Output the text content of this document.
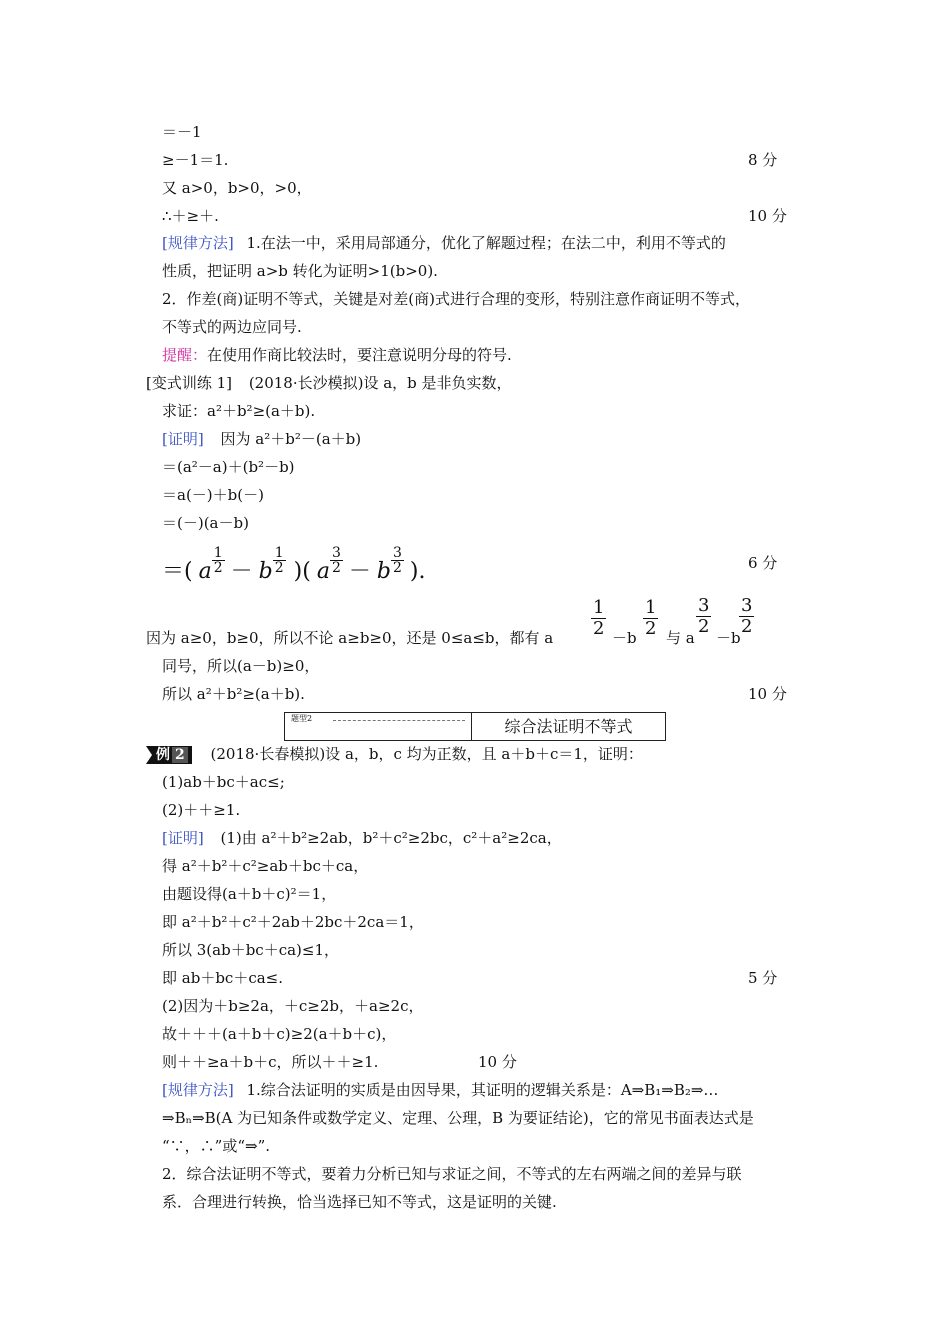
＝－1
≥－1＝1.	8 分
又 a>0，b>0，>0，
∴＋≥＋.	10 分
[规律方法] 1.在法一中，采用局部通分，优化了解题过程；在法二中，利用不等式的
性质，把证明 a>b 转化为证明>1(b>0).
2．作差(商)证明不等式，关键是对差(商)式进行合理的变形，特别注意作商证明不等式，
不等式的两边应同号.
提醒：在使用作商比较法时，要注意说明分母的符号.
[变式训练 1] (2018·长沙模拟)设 a，b 是非负实数，
求证：a²＋b²≥(a＋b).
[证明] 因为 a²＋b²－(a＋b)
＝(a²－a)＋(b²－b)
＝a(－)＋b(－)
＝(－)(a－b)
＝( a $\frac{1}{2} - b \frac{1}{2}$ )( a $\frac{3}{2} - b \frac{3}{2}$ ).	6 分
因为 a≥0，b≥0，所以不论 a≥b≥0，还是 0≤a≤b，都有 a $\frac{1}{2} -b \frac{1}{2}$ 与 a
$\frac{3}{2}$
－b
$\frac{3}{2}$
同号，所以(a－b)≥0，
所以 a²＋b²≥(a＋b).	10 分
题型2	综合法证明不等式
例 2 (2018·长春模拟)设 a，b，c 均为正数，且 a＋b＋c＝1，证明：
(1)ab＋bc＋ac≤;
(2)＋＋≥1.
[证明] (1)由 a²＋b²≥2ab，b²＋c²≥2bc，c²＋a²≥2ca，
得 a²＋b²＋c²≥ab＋bc＋ca，
由题设得(a＋b＋c)²＝1，
即 a²＋b²＋c²＋2ab＋2bc＋2ca＝1，
所以 3(ab＋bc＋ca)≤1，
即 ab＋bc＋ca≤.	5 分
(2)因为＋b≥2a，＋c≥2b，＋a≥2c，
故＋＋＋(a＋b＋c)≥2(a＋b＋c)，
则＋＋≥a＋b＋c，所以＋＋≥1.	10 分
[规律方法] 1.综合法证明的实质是由因导果，其证明的逻辑关系是：A⇒B₁⇒B₂⇒…
⇒Bₙ⇒B(A 为已知条件或数学定义、定理、公理，B 为要证结论)，它的常见书面表达式是
“∵，∴”或“⇒”.
2．综合法证明不等式，要着力分析已知与求证之间，不等式的左右两端之间的差异与联
系．合理进行转换，恰当选择已知不等式，这是证明的关键.
